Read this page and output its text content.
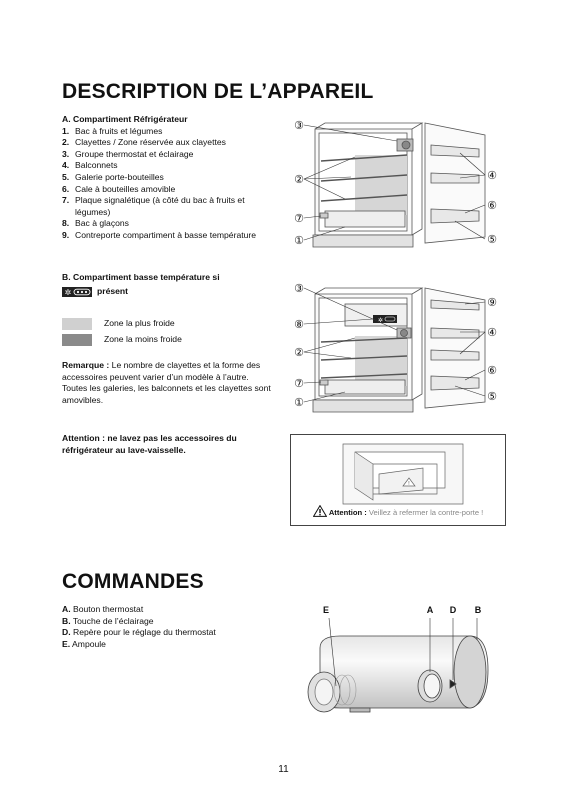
DESCRIPTION DE L’APPAREIL
A. Compartiment Réfrigérateur
1. Bac à fruits et légumes
2. Clayettes / Zone réservée aux clayettes
3. Groupe thermostat et éclairage
4. Balconnets
5. Galerie porte-bouteilles
6. Cale à bouteilles amovible
7. Plaque signalétique (à côté du bac à fruits et légumes)
8. Bac à glaçons
9. Contreporte compartiment à basse température
B. Compartiment basse température si
✲	présent
Zone la plus froide
Zone la moins froide
Remarque : Le nombre de clayettes et la forme des accessoires peuvent varier d’un modèle à l’autre.
Toutes les galeries, les balconnets et les clayettes sont amovibles.
Attention : ne lavez pas les accessoires du réfrigérateur au lave-vaisselle.
③
②
⑦
①
④
⑥
⑤
✲
③
⑧
②
⑦
①
⑨
④
⑥
⑤
!
Attention : Veillez à refermer la contre-porte !
COMMANDES
A. Bouton thermostat
B. Touche de l’éclairage
D. Repère pour le réglage du thermostat
E. Ampoule
E	A D B
11
